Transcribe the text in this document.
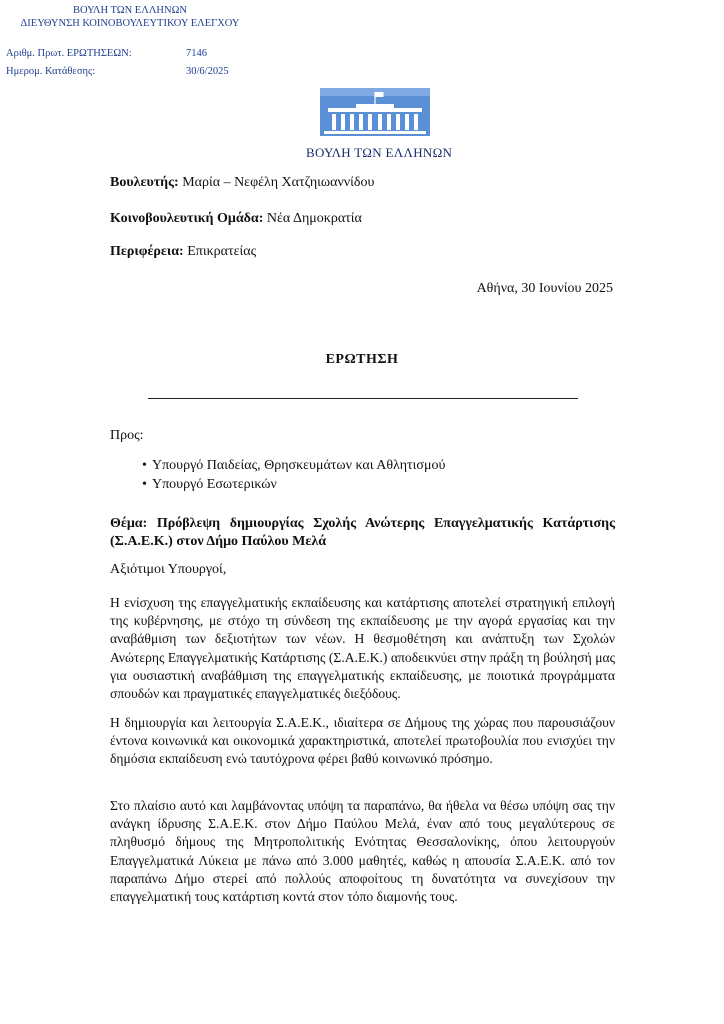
ΒΟΥΛΗ ΤΩΝ ΕΛΛΗΝΩΝ
ΔΙΕΥΘΥΝΣΗ ΚΟΙΝΟΒΟΥΛΕΥΤΙΚΟΥ ΕΛΕΓΧΟΥ
Αριθμ. Πρωτ. ΕΡΩΤΗΣΕΩΝ:	7146
Ημερομ. Κατάθεσης:	30/6/2025
ΒΟΥΛΗ ΤΩΝ ΕΛΛΗΝΩΝ
Βουλευτής: Μαρία – Νεφέλη Χατζηιωαννίδου
Κοινοβουλευτική Ομάδα: Νέα Δημοκρατία
Περιφέρεια: Επικρατείας
Αθήνα, 30 Ιουνίου 2025
ΕΡΩΤΗΣΗ
Προς:
• Υπουργό Παιδείας, Θρησκευμάτων και Αθλητισμού
• Υπουργό Εσωτερικών
Θέμα: Πρόβλεψη δημιουργίας Σχολής Ανώτερης Επαγγελματικής Κατάρτισης (Σ.Α.Ε.Κ.) στον Δήμο Παύλου Μελά
Αξιότιμοι Υπουργοί,
Η ενίσχυση της επαγγελματικής εκπαίδευσης και κατάρτισης αποτελεί στρατηγική επιλογή της κυβέρνησης, με στόχο τη σύνδεση της εκπαίδευσης με την αγορά εργασίας και την αναβάθμιση των δεξιοτήτων των νέων. Η θεσμοθέτηση και ανάπτυξη των Σχολών Ανώτερης Επαγγελματικής Κατάρτισης (Σ.Α.Ε.Κ.) αποδεικνύει στην πράξη τη βούλησή μας για ουσιαστική αναβάθμιση της επαγγελματικής εκπαίδευσης, με ποιοτικά προγράμματα σπουδών και πραγματικές επαγγελματικές διεξόδους.
Η δημιουργία και λειτουργία Σ.Α.Ε.Κ., ιδιαίτερα σε Δήμους της χώρας που παρουσιάζουν έντονα κοινωνικά και οικονομικά χαρακτηριστικά, αποτελεί πρωτοβουλία που ενισχύει την δημόσια εκπαίδευση ενώ ταυτόχρονα φέρει βαθύ κοινωνικό πρόσημο.
Στο πλαίσιο αυτό και λαμβάνοντας υπόψη τα παραπάνω, θα ήθελα να θέσω υπόψη σας την ανάγκη ίδρυσης Σ.Α.Ε.Κ. στον Δήμο Παύλου Μελά, έναν από τους μεγαλύτερους σε πληθυσμό δήμους της Μητροπολιτικής Ενότητας Θεσσαλονίκης, όπου λειτουργούν Επαγγελματικά Λύκεια με πάνω από 3.000 μαθητές, καθώς η απουσία Σ.Α.Ε.Κ. από τον παραπάνω Δήμο στερεί από πολλούς αποφοίτους τη δυνατότητα να συνεχίσουν την επαγγελματική τους κατάρτιση κοντά στον τόπο διαμονής τους.
